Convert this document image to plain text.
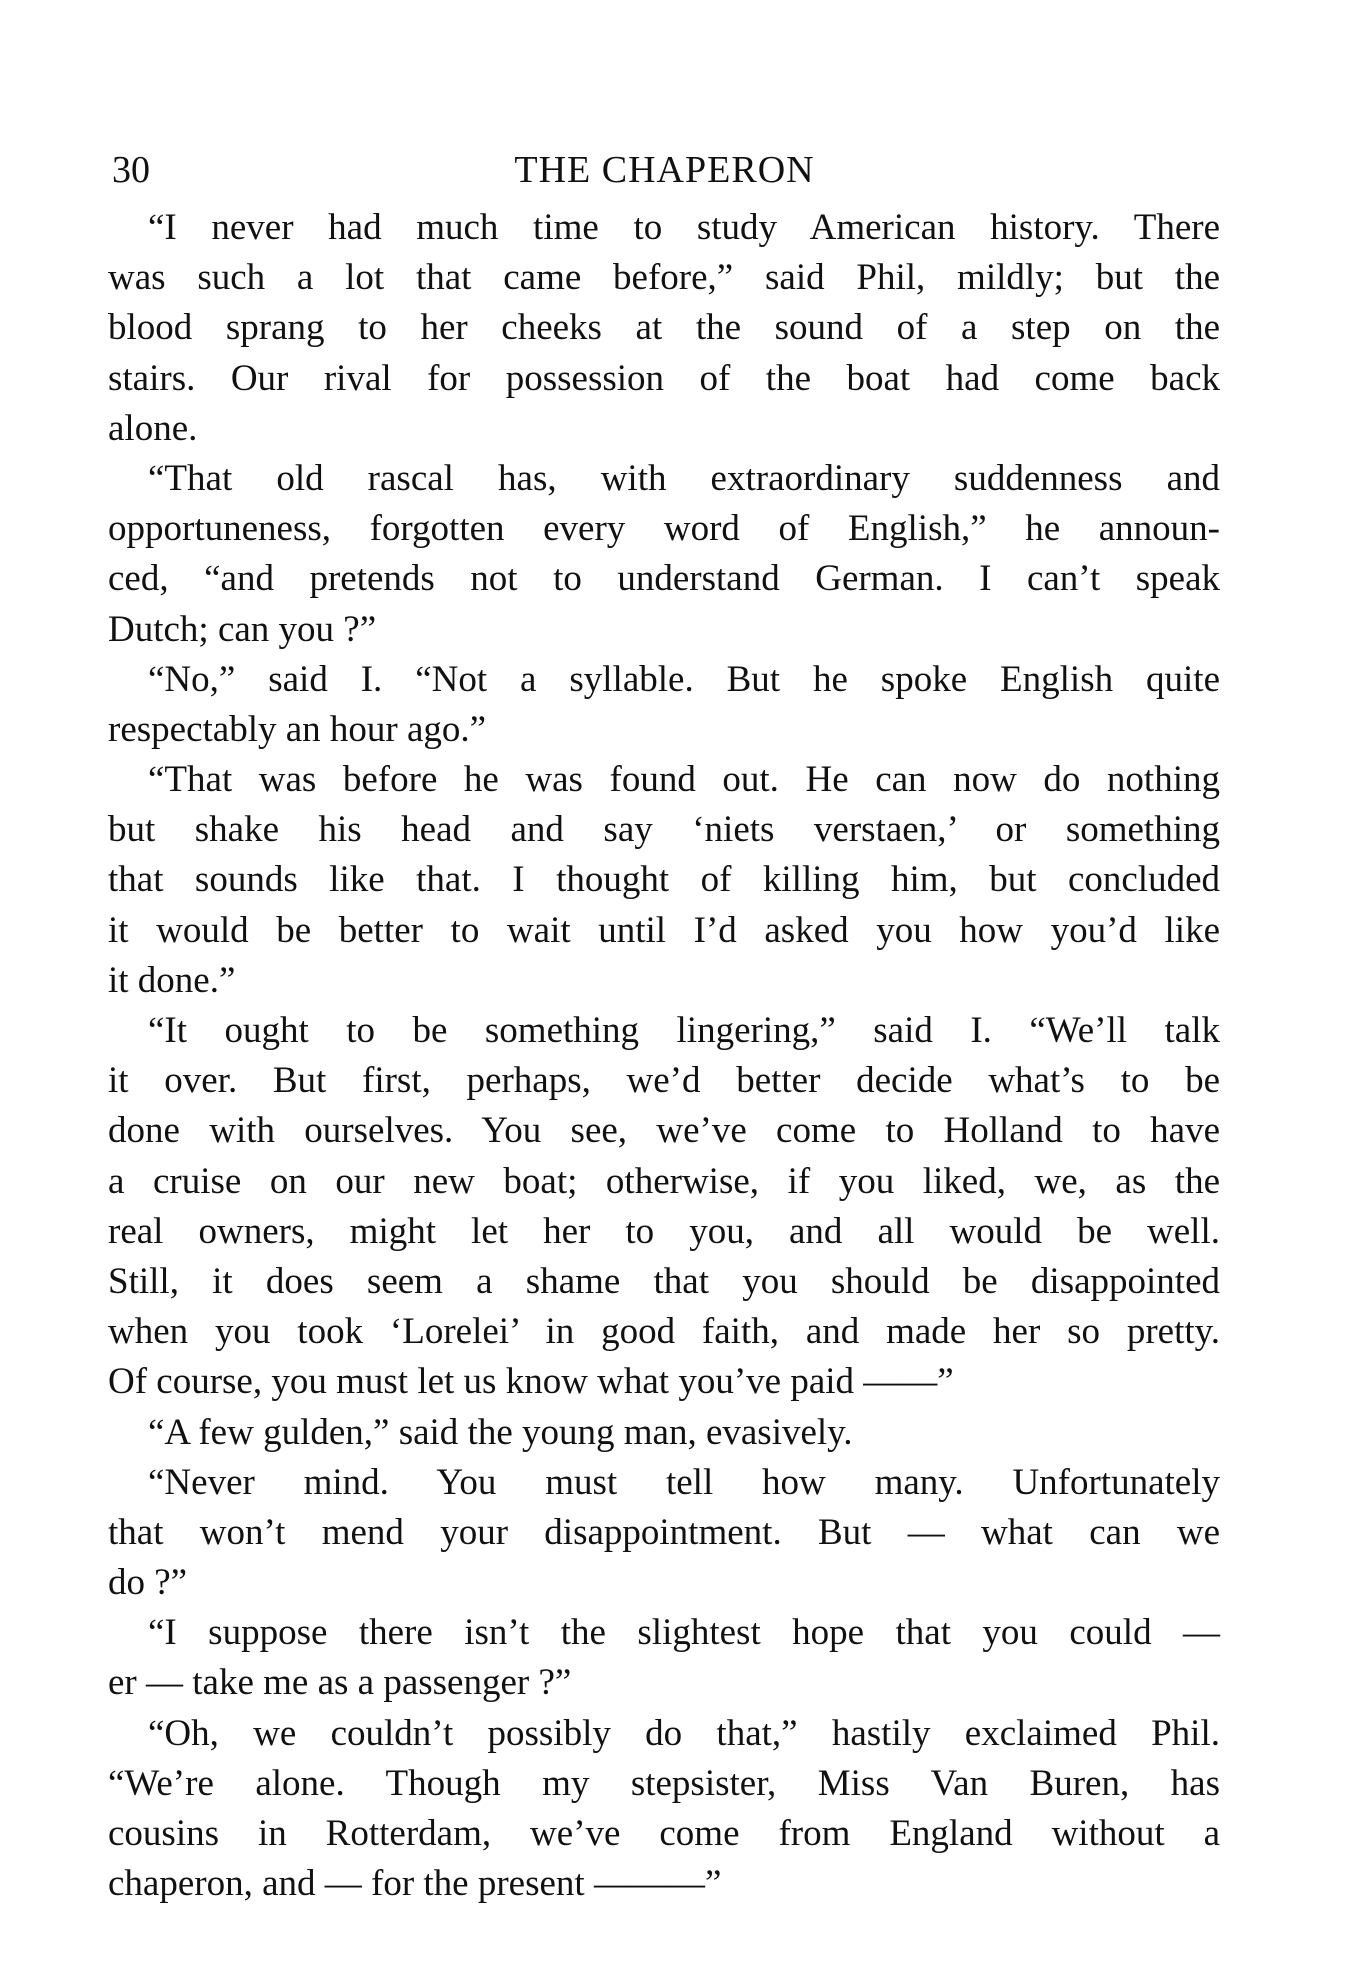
30	THE CHAPERON
“I never had much time to study American history. There
was such a lot that came before,” said Phil, mildly; but the
blood sprang to her cheeks at the sound of a step on the
stairs. Our rival for possession of the boat had come back
alone.
“That old rascal has, with extraordinary suddenness and
opportuneness, forgotten every word of English,” he announ-
ced, “and pretends not to understand German. I can’t speak
Dutch; can you ?”
“No,” said I. “Not a syllable. But he spoke English quite
respectably an hour ago.”
“That was before he was found out. He can now do nothing
but shake his head and say ‘niets verstaen,’ or something
that sounds like that. I thought of killing him, but concluded
it would be better to wait until I’d asked you how you’d like
it done.”
“It ought to be something lingering,” said I. “We’ll talk
it over. But first, perhaps, we’d better decide what’s to be
done with ourselves. You see, we’ve come to Holland to have
a cruise on our new boat; otherwise, if you liked, we, as the
real owners, might let her to you, and all would be well.
Still, it does seem a shame that you should be disappointed
when you took ‘Lorelei’ in good faith, and made her so pretty.
Of course, you must let us know what you’ve paid ——”
“A few gulden,” said the young man, evasively.
“Never mind. You must tell how many. Unfortunately
that won’t mend your disappointment. But — what can we
do ?”
“I suppose there isn’t the slightest hope that you could —
er — take me as a passenger ?”
“Oh, we couldn’t possibly do that,” hastily exclaimed Phil.
“We’re alone. Though my stepsister, Miss Van Buren, has
cousins in Rotterdam, we’ve come from England without a
chaperon, and — for the present ———”
